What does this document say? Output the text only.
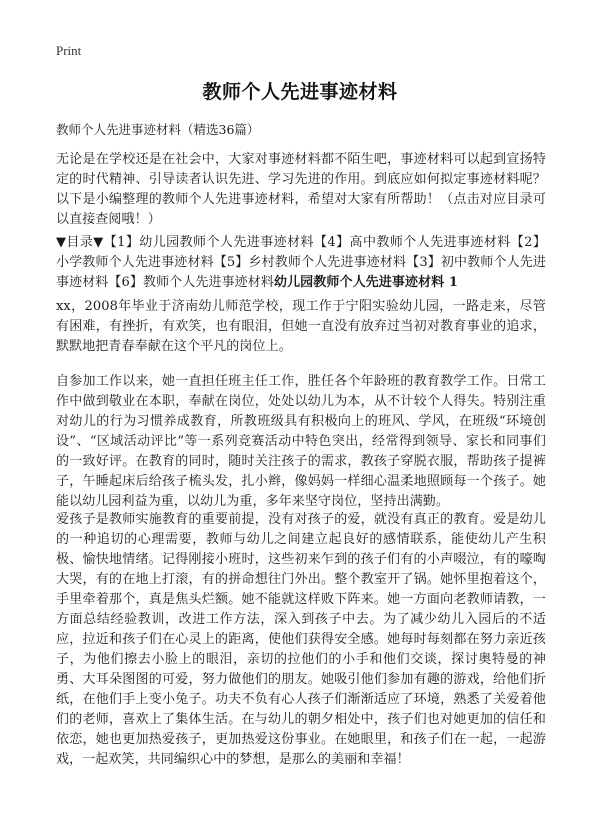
Print
教师个人先进事迹材料
教师个人先进事迹材料（精选36篇）

无论是在学校还是在社会中，大家对事迹材料都不陌生吧，事迹材料可以起到宣扬特定的时代精神、引导读者认识先进、学习先进的作用。到底应如何拟定事迹材料呢？以下是小编整理的教师个人先进事迹材料，希望对大家有所帮助！（点击对应目录可以直接查阅哦！）

▼目录▼【1】幼儿园教师个人先进事迹材料【4】高中教师个人先进事迹材料【2】小学教师个人先进事迹材料【5】乡村教师个人先进事迹材料【3】初中教师个人先进事迹材料【6】教师个人先进事迹材料幼儿园教师个人先进事迹材料 1

xx，2008年毕业于济南幼儿师范学校，现工作于宁阳实验幼儿园，一路走来，尽管有困难，有挫折，有欢笑，也有眼泪，但她一直没有放弃过当初对教育事业的追求，默默地把青春奉献在这个平凡的岗位上。

自参加工作以来，她一直担任班主任工作，胜任各个年龄班的教育教学工作。日常工作中做到敬业在本职，奉献在岗位，处处以幼儿为本，从不计较个人得失。特别注重对幼儿的行为习惯养成教育，所教班级具有积极向上的班风、学风，在班级“环境创设”、“区域活动评比”等一系列竞赛活动中特色突出，经常得到领导、家长和同事们的一致好评。在教育的同时，随时关注孩子的需求，教孩子穿脱衣服，帮助孩子提裤子，午睡起床后给孩子梳头发，扎小辫，像妈妈一样细心温柔地照顾每一个孩子。她能以幼儿园利益为重，以幼儿为重，多年来坚守岗位，坚持出满勤。

爱孩子是教师实施教育的重要前提，没有对孩子的爱，就没有真正的教育。爱是幼儿的一种追切的心理需要，教师与幼儿之间建立起良好的感情联系，能使幼儿产生积极、愉快地情绪。记得刚接小班时，这些初来乍到的孩子们有的小声啜泣，有的嚎啕大哭，有的在地上打滚，有的拼命想往门外出。整个教室开了锅。她怀里抱着这个，手里牵着那个，真是焦头烂额。她不能就这样败下阵来。她一方面向老教师请教，一方面总结经验教训，改进工作方法，深入到孩子中去。为了减少幼儿入园后的不适应，拉近和孩子们在心灵上的距离，使他们获得安全感。她每时每刻都在努力亲近孩子，为他们擦去小脸上的眼泪，亲切的拉他们的小手和他们交谈，探讨奥特曼的神勇、大耳朵图图的可爱，努力做他们的朋友。她吸引他们参加有趣的游戏，给他们折纸，在他们手上变小兔子。功夫不负有心人孩子们渐渐适应了环境，熟悉了关爱着他们的老师，喜欢上了集体生活。在与幼儿的朝夕相处中，孩子们也对她更加的信任和依恋，她也更加热爱孩子，更加热爱这份事业。在她眼里，和孩子们在一起，一起游戏，一起欢笑，共同编织心中的梦想，是那么的美丽和幸福！
